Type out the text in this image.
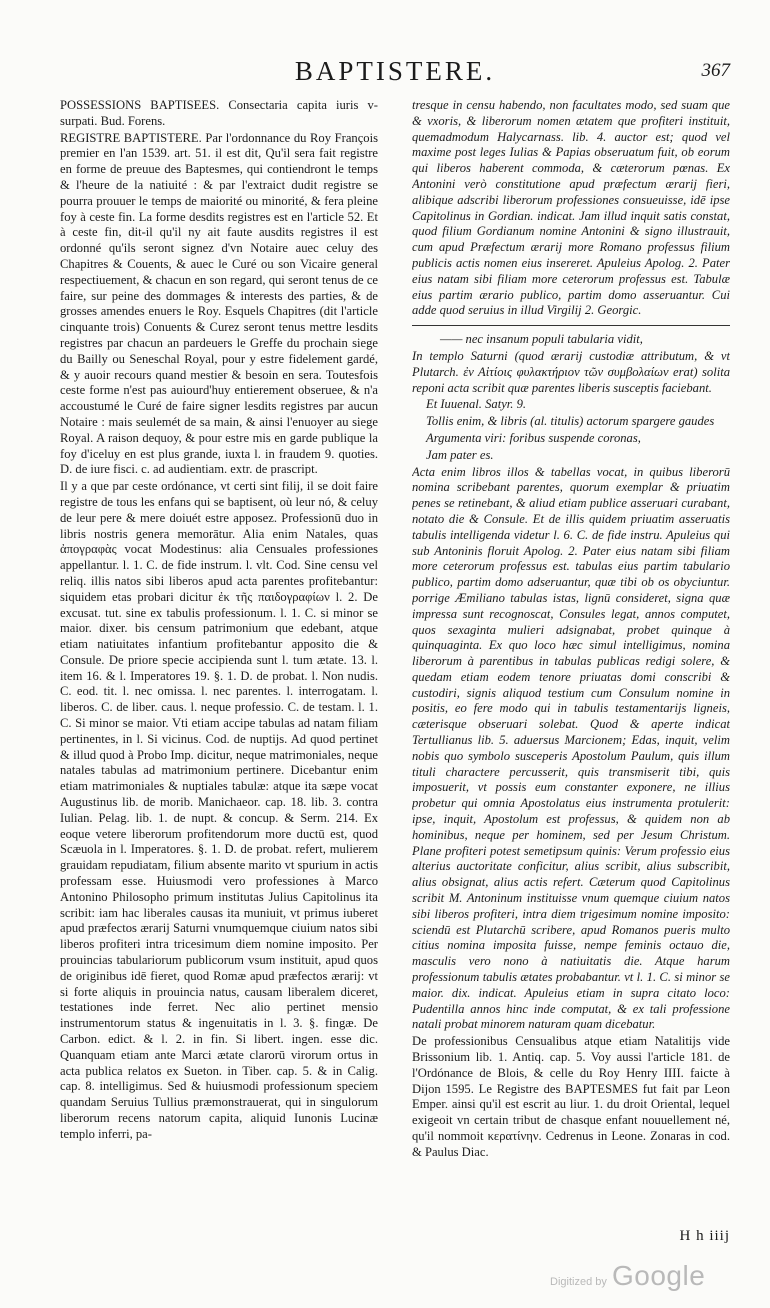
BAPTISTERE.	367

POSSESSIONS BAPTISEES. Consectaria capita iuris v- surpati. Bud. Forens.

REGISTRE BAPTISTERE. Par l'ordonnance du Roy François premier en l'an 1539. art. 51. il est dit, Qu'il sera fait registre en forme de preuue des Baptesmes, qui contiendront le temps & l'heure de la natiuité : & par l'extraict dudit registre se pourra prouuer le temps de maiorité ou minorité, & fera pleine foy à ceste fin. La forme desdits registres est en l'article 52. Et à ceste fin, dit-il qu'il ny ait faute ausdits registres il est ordonné qu'ils seront signez d'vn Notaire auec celuy des Chapitres & Couents, & auec le Curé ou son Vicaire general respectiuement, & chacun en son regard, qui seront tenus de ce faire, sur peine des dommages & interests des parties, & de grosses amendes enuers le Roy. Esquels Chapitres (dit l'article cinquante trois) Conuents & Curez seront tenus mettre lesdits registres par chacun an pardeuers le Greffe du prochain siege du Bailly ou Seneschal Royal, pour y estre fidelement gardé, & y auoir recours quand mestier & besoin en sera. Toutesfois ceste forme n'est pas auiourd'huy entierement obseruee, & n'a accoustumé le Curé de faire signer lesdits registres par aucun Notaire : mais seulemét de sa main, & ainsi l'enuoyer au siege Royal. A raison dequoy, & pour estre mis en garde publique la foy d'iceluy en est plus grande, iuxta l. in fraudem 9. quoties. D. de iure fisci. c. ad audientiam. extr. de prascript.

Il y a que par ceste ordónance, vt certi sint filij, il se doit faire registre de tous les enfans qui se baptisent, où leur nó, & celuy de leur pere & mere doiuét estre apposez. Professionū duo in libris nostris genera memorātur. Alia enim Natales, quas ἀπογραφὰς vocat Modestinus: alia Censuales professiones appellantur. l. 1. C. de fide instrum. l. vlt. Cod. Sine censu vel reliq. illis natos sibi liberos apud acta parentes profitebantur: siquidem etas probari dicitur ἐκ τῆς παιδογραφίων l. 2. De excusat. tut. sine ex tabulis professionum. l. 1. C. si minor se maior. dixer. bis censum patrimonium que edebant, atque etiam natiuitates infantium profitebantur apposito die & Consule. De priore specie accipienda sunt l. tum ætate. 13. l. item 16. & l. Imperatores 19. §. 1. D. de probat. l. Non nudis. C. eod. tit. l. nec omissa. l. nec parentes. l. interrogatam. l. liberos. C. de liber. caus. l. neque professio. C. de testam. l. 1. C. Si minor se maior. Vti etiam accipe tabulas ad natam filiam pertinentes, in l. Si vicinus. Cod. de nuptijs. Ad quod pertinet & illud quod à Probo Imp. dicitur, neque matrimoniales, neque natales tabulas ad matrimonium pertinere. Dicebantur enim etiam matrimoniales & nuptiales tabulæ: atque ita sæpe vocat Augustinus lib. de morib. Manichaeor. cap. 18. lib. 3. contra Iulian. Pelag. lib. 1. de nupt. & concup. & Serm. 214. Ex eoque vetere liberorum profitendorum more ductū est, quod Scæuola in l. Imperatores. §. 1. D. de probat. refert, mulierem grauidam repudiatam, filium absente marito vt spurium in actis professam esse. Huiusmodi vero professiones à Marco Antonino Philosopho primum institutas Julius Capitolinus ita scribit: iam hac liberales causas ita muniuit, vt primus iuberet apud præfectos ærarij Saturni vnumquemque ciuium natos sibi liberos profiteri intra tricesimum diem nomine imposito. Per prouincias tabulariorum publicorum vsum instituit, apud quos de originibus idē fieret, quod Romæ apud præfectos ærarij: vt si forte aliquis in prouincia natus, causam liberalem diceret, testationes inde ferret. Nec alio pertinet mensio instrumentorum status & ingenuitatis in l. 3. §. fingæ. De Carbon. edict. & l. 2. in fin. Si libert. ingen. esse dic. Quanquam etiam ante Marci ætate clarorū virorum ortus in acta publica relatos ex Sueton. in Tiber. cap. 5. & in Calig. cap. 8. intelligimus. Sed & huiusmodi professionum speciem quandam Seruius Tullius præmonstrauerat, qui in singulorum liberorum recens natorum capita, aliquid Iunonis Lucinæ templo inferri, pa-

tresque in censu habendo, non facultates modo, sed suam que & vxoris, & liberorum nomen ætatem que profiteri instituit, quemadmodum Halycarnass. lib. 4. auctor est; quod vel maxime post leges Iulias & Papias obseruatum fuit, ob eorum qui liberos haberent commoda, & cæterorum pœnas. Ex Antonini verò constitutione apud præfectum ærarij fieri, alibique adscribi liberorum professiones consueuisse, idē ipse Capitolinus in Gordian. indicat. Jam illud inquit satis constat, quod filium Gordianum nomine Antonini & signo illustrauit, cum apud Præfectum ærarij more Romano professus filium publicis actis nomen eius insereret. Apuleius Apolog. 2. Pater eius natam sibi filiam more ceterorum professus est. Tabulæ eius partim ærario publico, partim domo asseruantur. Cui adde quod seruius in illud Virgilij 2. Georgic.

—— nec insanum populi tabularia vidit,

In templo Saturni (quod ærarij custodiæ attributum, & vt Plutarch. ἐν Αἰτίοις φυλακτήριον τῶν συμβολαίων erat) solita reponi acta scribit quæ parentes liberis susceptis faciebant.

Et Iuuenal. Satyr. 9.

Tollis enim, & libris (al. titulis) actorum spargere gaudes

Argumenta viri: foribus suspende coronas,

Jam pater es.

Acta enim libros illos & tabellas vocat, in quibus liberorū nomina scribebant parentes, quorum exemplar & priuatim penes se retinebant, & aliud etiam publice asseruari curabant, notato die & Consule. Et de illis quidem priuatim asseruatis tabulis intelligenda videtur l. 6. C. de fide instru. Apuleius qui sub Antoninis floruit Apolog. 2. Pater eius natam sibi filiam more ceterorum professus est. tabulas eius partim tabulario publico, partim domo adseruantur, quæ tibi ob os obyciuntur. porrige Æmiliano tabulas istas, lignū consideret, signa quæ impressa sunt recognoscat, Consules legat, annos computet, quos sexaginta mulieri adsignabat, probet quinque à quinquaginta. Ex quo loco hæc simul intelligimus, nomina liberorum à parentibus in tabulas publicas redigi solere, & quedam etiam eodem tenore priuatas domi conscribi & custodiri, signis aliquod testium cum Consulum nomine in positis, eo fere modo qui in tabulis testamentarijs ligneis, cæterisque obseruari solebat. Quod & aperte indicat Tertullianus lib. 5. aduersus Marcionem; Edas, inquit, velim nobis quo symbolo susceperis Apostolum Paulum, quis illum tituli charactere percusserit, quis transmiserit tibi, quis imposuerit, vt possis eum constanter exponere, ne illius probetur qui omnia Apostolatus eius instrumenta protulerit: ipse, inquit, Apostolum est professus, & quidem non ab hominibus, neque per hominem, sed per Jesum Christum. Plane profiteri potest semetipsum quinis: Verum professio eius alterius auctoritate conficitur, alius scribit, alius subscribit, alius obsignat, alius actis refert. Cæterum quod Capitolinus scribit M. Antoninum instituisse vnum quemque ciuium natos sibi liberos profiteri, intra diem trigesimum nomine imposito: sciendū est Plutarchū scribere, apud Romanos pueris multo citius nomina imposita fuisse, nempe feminis octauo die, masculis vero nono à natiuitatis die. Atque harum professionum tabulis ætates probabantur. vt l. 1. C. si minor se maior. dix. indicat. Apuleius etiam in supra citato loco: Pudentilla annos hinc inde computat, & ex tali professione natali probat minorem naturam quam dicebatur.

De professionibus Censualibus atque etiam Natalitijs vide Brissonium lib. 1. Antiq. cap. 5. Voy aussi l'article 181. de l'Ordónance de Blois, & celle du Roy Henry IIII. faicte à Dijon 1595. Le Registre des BAPTESMES fut fait par Leon Emper. ainsi qu'il est escrit au liur. 1. du droit Oriental, lequel exigeoit vn certain tribut de chasque enfant nouuellement né, qu'il nommoit κερατίνην. Cedrenus in Leone. Zonaras in cod. & Paulus Diac.

H h iiij
Digitized by Google
